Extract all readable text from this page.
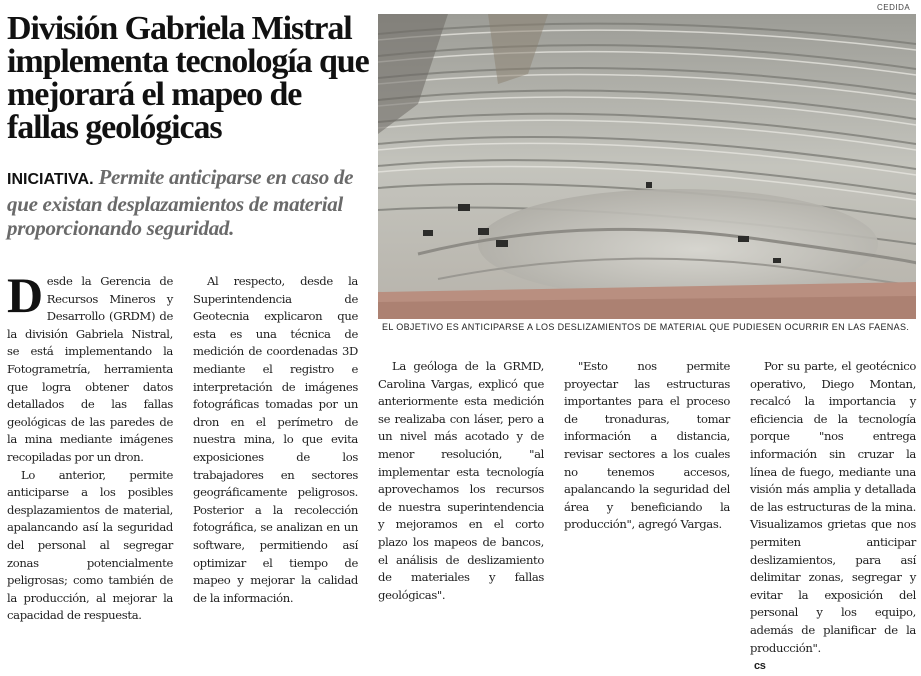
División Gabriela Mistral implementa tecnología que mejorará el mapeo de fallas geológicas
INICIATIVA. Permite anticiparse en caso de que existan desplazamientos de material proporcionando seguridad.
CEDIDA
EL OBJETIVO ES ANTICIPARSE A LOS DESLIZAMIENTOS DE MATERIAL QUE PUDIESEN OCURRIR EN LAS FAENAS.
D esde la Gerencia de Recursos Mineros y Desarrollo (GRDM) de la división Gabriela Nistral, se está implementando la Fotogrametría, herramienta que logra obtener datos detallados de las fallas geológicas de las paredes de la mina mediante imágenes recopiladas por un dron.

Lo anterior, permite anticiparse a los posibles desplazamientos de material, apalancando así la seguridad del personal al segregar zonas potencialmente peligrosas; como también de la producción, al mejorar la capacidad de respuesta.

Al respecto, desde la Superintendencia de Geotecnia explicaron que esta es una técnica de medición de coordenadas 3D mediante el registro e interpretación de imágenes fotográficas tomadas por un dron en el perímetro de nuestra mina, lo que evita exposiciones de los trabajadores en sectores geográficamente peligrosos. Posterior a la recolección fotográfica, se analizan en un software, permitiendo así optimizar el tiempo de mapeo y mejorar la calidad de la información.

La geóloga de la GRMD, Carolina Vargas, explicó que anteriormente esta medición se realizaba con láser, pero a un nivel más acotado y de menor resolución, "al implementar esta tecnología aprovechamos los recursos de nuestra superintendencia y mejoramos en el corto plazo los mapeos de bancos, el análisis de deslizamiento de materiales y fallas geológicas".

"Esto nos permite proyectar las estructuras importantes para el proceso de tronaduras, tomar información a distancia, revisar sectores a los cuales no tenemos accesos, apalancando la seguridad del área y beneficiando la producción", agregó Vargas.

Por su parte, el geotécnico operativo, Diego Montan, recalcó la importancia y eficiencia de la tecnología porque "nos entrega información sin cruzar la línea de fuego, mediante una visión más amplia y detallada de las estructuras de la mina. Visualizamos grietas que nos permiten anticipar deslizamientos, para así delimitar zonas, segregar y evitar la exposición del personal y los equipo, además de planificar de la producción".

cs
